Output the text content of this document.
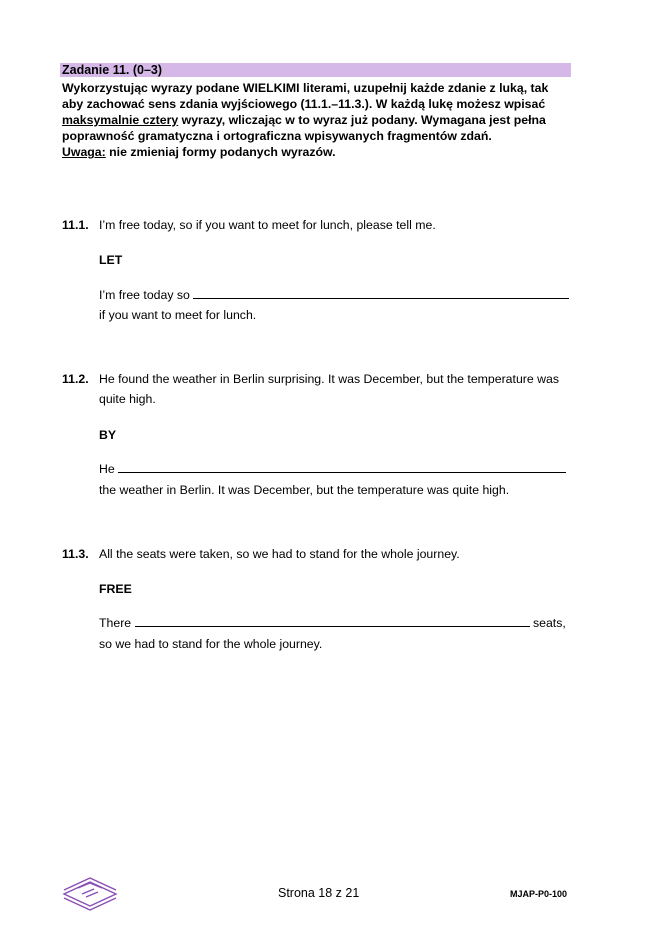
Zadanie 11. (0–3)
Wykorzystując wyrazy podane WIELKIMI literami, uzupełnij każde zdanie z luką, tak aby zachować sens zdania wyjściowego (11.1.–11.3.). W każdą lukę możesz wpisać maksymalnie cztery wyrazy, wliczając w to wyraz już podany. Wymagana jest pełna poprawność gramatyczna i ortograficzna wpisywanych fragmentów zdań.
Uwaga: nie zmieniaj formy podanych wyrazów.
11.1. I’m free today, so if you want to meet for lunch, please tell me.
LET
I’m free today so
if you want to meet for lunch.
11.2. He found the weather in Berlin surprising. It was December, but the temperature was quite high.
BY
He
the weather in Berlin. It was December, but the temperature was quite high.
11.3. All the seats were taken, so we had to stand for the whole journey.
FREE
There	seats,
so we had to stand for the whole journey.
Strona 18 z 21	MJAP-P0-100
